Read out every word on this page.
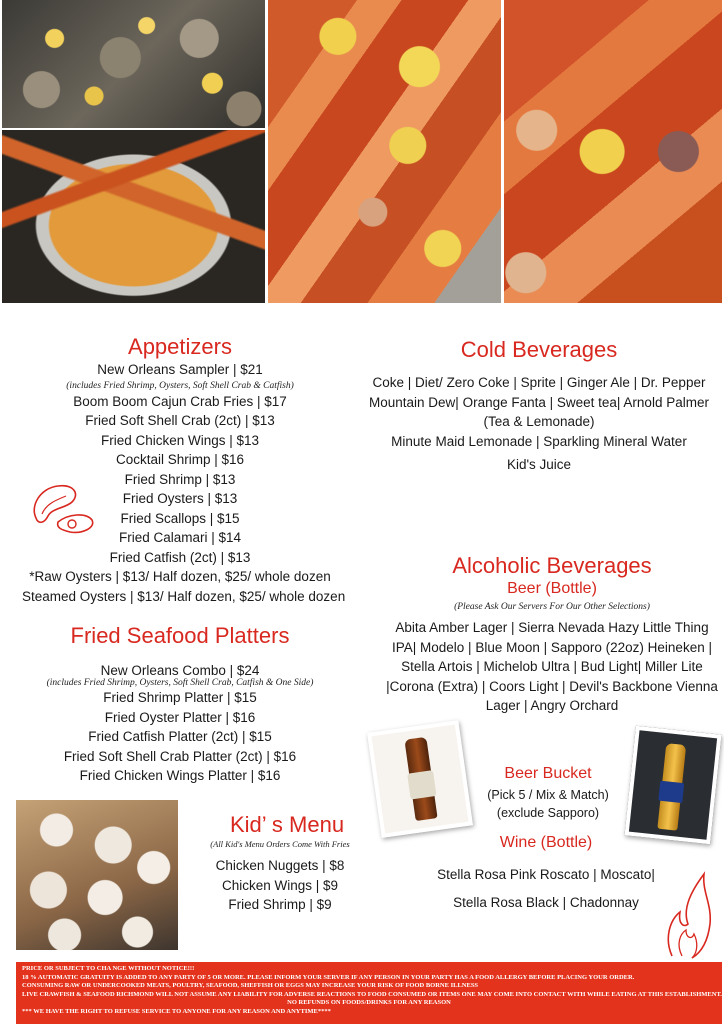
Appetizers
New Orleans Sampler | $21
(includes Fried Shrimp, Oysters, Soft Shell Crab & Catfish)
Boom Boom Cajun Crab Fries | $17
Fried Soft Shell Crab (2ct) | $13
Fried Chicken Wings | $13
Cocktail Shrimp | $16
Fried Shrimp | $13
Fried Oysters | $13
Fried Scallops | $15
Fried Calamari | $14
Fried Catfish (2ct) | $13
*Raw Oysters | $13/ Half dozen, $25/ whole dozen
Steamed Oysters | $13/ Half dozen, $25/ whole dozen
Fried Seafood Platters
New Orleans Combo | $24
(includes Fried Shrimp, Oysters, Soft Shell Crab, Catfish & One Side)
Fried Shrimp Platter | $15
Fried Oyster Platter | $16
Fried Catfish Platter (2ct) | $15
Fried Soft Shell Crab Platter (2ct) | $16
Fried Chicken Wings Platter | $16
Kid’ s Menu
(All Kid's Menu Orders Come With Fries
Chicken Nuggets | $8
Chicken Wings | $9
Fried Shrimp | $9
Cold Beverages
Coke | Diet/ Zero Coke | Sprite | Ginger Ale | Dr. Pepper
Mountain Dew| Orange Fanta | Sweet tea| Arnold Palmer
(Tea & Lemonade)
Minute Maid Lemonade | Sparkling Mineral Water
Kid's Juice
Alcoholic Beverages
Beer (Bottle)
(Please Ask Our Servers For Our Other Selections)
Abita Amber Lager | Sierra Nevada Hazy Little Thing
IPA| Modelo | Blue Moon | Sapporo (22oz) Heineken |
Stella Artois | Michelob Ultra | Bud Light| Miller Lite
|Corona (Extra) | Coors Light | Devil's Backbone Vienna
Lager | Angry Orchard
Beer Bucket
(Pick 5 / Mix & Match)
(exclude Sapporo)
Wine (Bottle)
Stella Rosa Pink Roscato | Moscato|
Stella Rosa Black | Chadonnay
PRICE OR SUBJECT TO CHA NGE WITHOUT NOTICE!!!
18 % AUTOMATIC GRATUITY IS ADDED TO ANY PARTY OF 5 OR MORE. PLEASE INFORM YOUR SERVER IF ANY PERSON IN YOUR PARTY HAS A FOOD ALLERGY BEFORE PLACING YOUR ORDER.
CONSUMING RAW OR UNDERCOOKED MEATS, POULTRY, SEAFOOD, SHEFFISH OR EGGS MAY INCREASE YOUR RISK OF FOOD BORNE ILLNESS
LIVE CRAWFISH & SEAFOOD RICHMOND WILL NOT ASSUME ANY LIABILITY FOR ADVERSE REACTIONS TO FOOD CONSUMED OR ITEMS ONE MAY COME INTO CONTACT WITH WHILE EATING AT THIS ESTABLISHMENT.
NO REFUNDS ON FOODS/DRINKS FOR ANY REASON
*** WE HAVE THE RIGHT TO REFUSE SERVICE TO ANYONE FOR ANY REASON AND ANYTIME****
